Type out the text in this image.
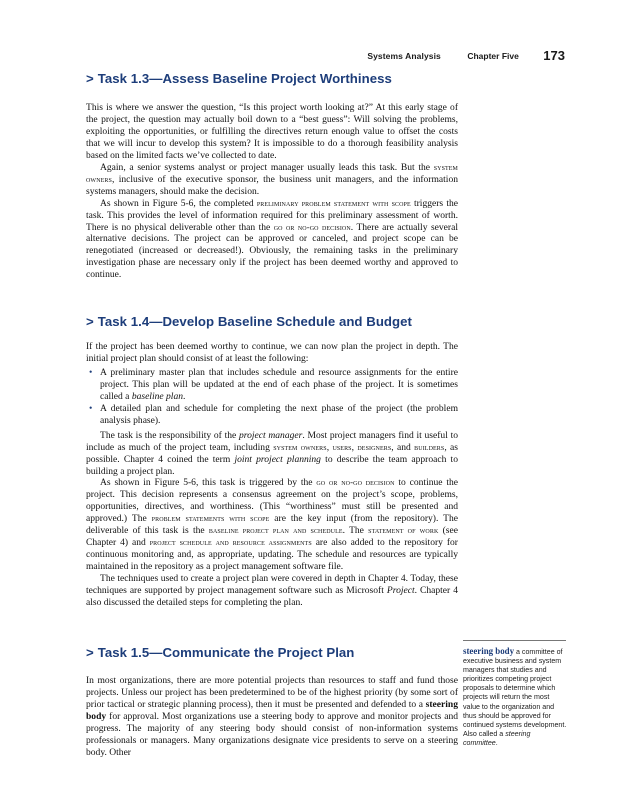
Systems Analysis	Chapter Five 173
> Task 1.3—Assess Baseline Project Worthiness

This is where we answer the question, “Is this project worth looking at?” At this early stage of the project, the question may actually boil down to a “best guess”: Will solving the problems, exploiting the opportunities, or fulfilling the directives return enough value to offset the costs that we will incur to develop this system? It is impossible to do a thorough feasibility analysis based on the limited facts we’ve collected to date.

Again, a senior systems analyst or project manager usually leads this task. But the system owners, inclusive of the executive sponsor, the business unit managers, and the information systems managers, should make the decision.

As shown in Figure 5-6, the completed preliminary problem statement with scope triggers the task. This provides the level of information required for this preliminary assessment of worth. There is no physical deliverable other than the go or no-go decision. There are actually several alternative decisions. The project can be approved or canceled, and project scope can be renegotiated (increased or decreased!). Obviously, the remaining tasks in the preliminary investigation phase are necessary only if the project has been deemed worthy and approved to continue.

> Task 1.4—Develop Baseline Schedule and Budget

If the project has been deemed worthy to continue, we can now plan the project in depth. The initial project plan should consist of at least the following:

• A preliminary master plan that includes schedule and resource assignments for the entire project. This plan will be updated at the end of each phase of the project. It is sometimes called a baseline plan.
• A detailed plan and schedule for completing the next phase of the project (the problem analysis phase).

The task is the responsibility of the project manager. Most project managers find it useful to include as much of the project team, including system owners, users, designers, and builders, as possible. Chapter 4 coined the term joint project planning to describe the team approach to building a project plan.

As shown in Figure 5-6, this task is triggered by the go or no-go decision to continue the project. This decision represents a consensus agreement on the project’s scope, problems, opportunities, directives, and worthiness. (This “worthiness” must still be presented and approved.) The problem statements with scope are the key input (from the repository). The deliverable of this task is the baseline project plan and schedule. The statement of work (see Chapter 4) and project schedule and resource assignments are also added to the repository for continuous monitoring and, as appropriate, updating. The schedule and resources are typically maintained in the repository as a project management software file.

The techniques used to create a project plan were covered in depth in Chapter 4. Today, these techniques are supported by project management software such as Microsoft Project. Chapter 4 also discussed the detailed steps for completing the plan.

> Task 1.5—Communicate the Project Plan

In most organizations, there are more potential projects than resources to staff and fund those projects. Unless our project has been predetermined to be of the highest priority (by some sort of prior tactical or strategic planning process), then it must be presented and defended to a steering body for approval. Most organizations use a steering body to approve and monitor projects and progress. The majority of any steering body should consist of non-information systems professionals or managers. Many organizations designate vice presidents to serve on a steering body. Other

steering body a committee of executive business and system managers that studies and prioritizes competing project proposals to determine which projects will return the most value to the organization and thus should be approved for continued systems development. Also called a steering committee.
